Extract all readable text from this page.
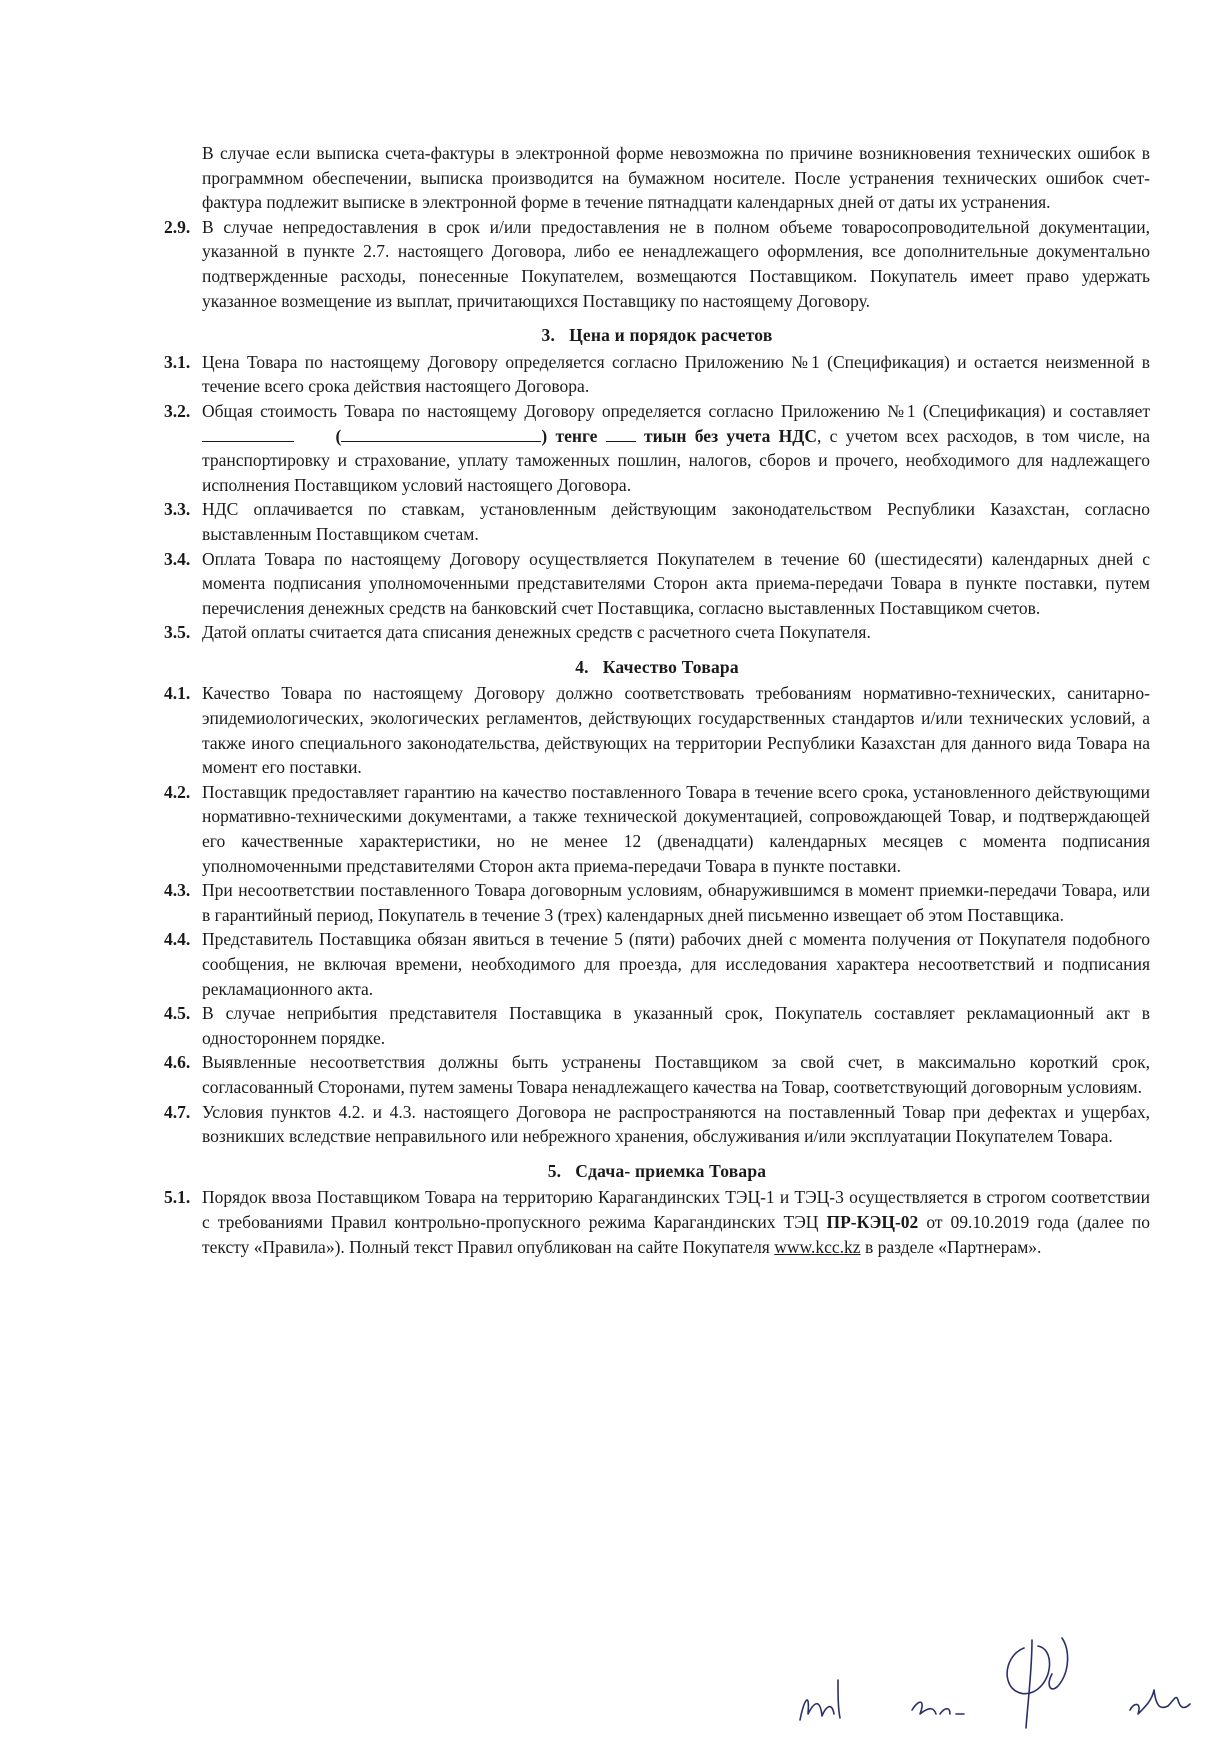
В случае если выписка счета-фактуры в электронной форме невозможна по причине возникновения технических ошибок в программном обеспечении, выписка производится на бумажном носителе. После устранения технических ошибок счет-фактура подлежит выписке в электронной форме в течение пятнадцати календарных дней от даты их устранения.
2.9. В случае непредоставления в срок и/или предоставления не в полном объеме товаросопроводительной документации, указанной в пункте 2.7. настоящего Договора, либо ее ненадлежащего оформления, все дополнительные документально подтвержденные расходы, понесенные Покупателем, возмещаются Поставщиком. Покупатель имеет право удержать указанное возмещение из выплат, причитающихся Поставщику по настоящему Договору.
3. Цена и порядок расчетов
3.1. Цена Товара по настоящему Договору определяется согласно Приложению №1 (Спецификация) и остается неизменной в течение всего срока действия настоящего Договора.
3.2. Общая стоимость Товара по настоящему Договору определяется согласно Приложению №1 (Спецификация) и составляет      (	) тенге  тиын без учета НДС, с учетом всех расходов, в том числе, на транспортировку и страхование, уплату таможенных пошлин, налогов, сборов и прочего, необходимого для надлежащего исполнения Поставщиком условий настоящего Договора.
3.3. НДС оплачивается по ставкам, установленным действующим законодательством Республики Казахстан, согласно выставленным Поставщиком счетам.
3.4. Оплата Товара по настоящему Договору осуществляется Покупателем в течение 60 (шестидесяти) календарных дней с момента подписания уполномоченными представителями Сторон акта приема-передачи Товара в пункте поставки, путем перечисления денежных средств на банковский счет Поставщика, согласно выставленных Поставщиком счетов.
3.5. Датой оплаты считается дата списания денежных средств с расчетного счета Покупателя.
4. Качество Товара
4.1. Качество Товара по настоящему Договору должно соответствовать требованиям нормативно-технических, санитарно-эпидемиологических, экологических регламентов, действующих государственных стандартов и/или технических условий, а также иного специального законодательства, действующих на территории Республики Казахстан для данного вида Товара на момент его поставки.
4.2. Поставщик предоставляет гарантию на качество поставленного Товара в течение всего срока, установленного действующими нормативно-техническими документами, а также технической документацией, сопровождающей Товар, и подтверждающей его качественные характеристики, но не менее 12 (двенадцати) календарных месяцев с момента подписания уполномоченными представителями Сторон акта приема-передачи Товара в пункте поставки.
4.3. При несоответствии поставленного Товара договорным условиям, обнаружившимся в момент приемки-передачи Товара, или в гарантийный период, Покупатель в течение 3 (трех) календарных дней письменно извещает об этом Поставщика.
4.4. Представитель Поставщика обязан явиться в течение 5 (пяти) рабочих дней с момента получения от Покупателя подобного сообщения, не включая времени, необходимого для проезда, для исследования характера несоответствий и подписания рекламационного акта.
4.5. В случае неприбытия представителя Поставщика в указанный срок, Покупатель составляет рекламационный акт в одностороннем порядке.
4.6. Выявленные несоответствия должны быть устранены Поставщиком за свой счет, в максимально короткий срок, согласованный Сторонами, путем замены Товара ненадлежащего качества на Товар, соответствующий договорным условиям.
4.7. Условия пунктов 4.2. и 4.3. настоящего Договора не распространяются на поставленный Товар при дефектах и ущербах, возникших вследствие неправильного или небрежного хранения, обслуживания и/или эксплуатации Покупателем Товара.
5. Сдача- приемка Товара
5.1. Порядок ввоза Поставщиком Товара на территорию Карагандинских ТЭЦ-1 и ТЭЦ-3 осуществляется в строгом соответствии с требованиями Правил контрольно-пропускного режима Карагандинских ТЭЦ ПР-КЭЦ-02 от 09.10.2019 года (далее по тексту «Правила»). Полный текст Правил опубликован на сайте Покупателя www.kcc.kz в разделе «Партнерам».
